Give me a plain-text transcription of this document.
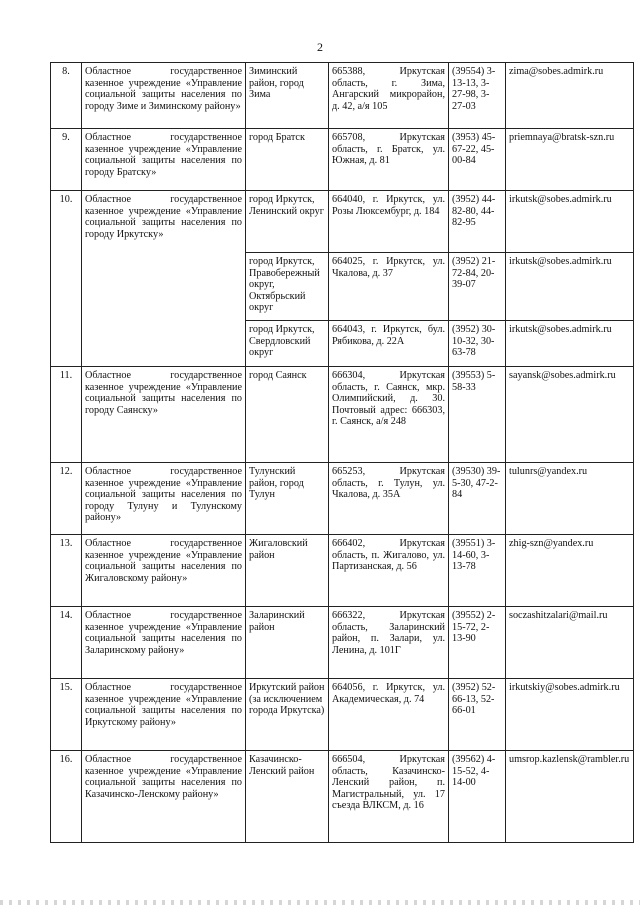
2
8.	Областное государственное казенное учреждение «Управление социальной защиты населения по городу Зиме и Зиминскому району»	Зиминский район, город Зима	665388, Иркутская область, г. Зима, Ангарский микрорайон, д. 42, а/я 105	(39554) 3-13-13, 3-27-98, 3-27-03	zima@sobes.admirk.ru
9.	Областное государственное казенное учреждение «Управление социальной защиты населения по городу Братску»	город Братск	665708, Иркутская область, г. Братск, ул. Южная, д. 81	(3953) 45-67-22, 45-00-84	priemnaya@bratsk-szn.ru
10.	Областное государственное казенное учреждение «Управление социальной защиты населения по городу Иркутску»	город Иркутск, Ленинский округ	664040, г. Иркутск, ул. Розы Люксембург, д. 184	(3952) 44-82-80, 44-82-95	irkutsk@sobes.admirk.ru
		город Иркутск, Правобережный округ, Октябрьский округ	664025, г. Иркутск, ул. Чкалова, д. 37	(3952) 21-72-84, 20-39-07	irkutsk@sobes.admirk.ru
		город Иркутск, Свердловский округ	664043, г. Иркутск, бул. Рябикова, д. 22А	(3952) 30-10-32, 30-63-78	irkutsk@sobes.admirk.ru
11.	Областное государственное казенное учреждение «Управление социальной защиты населения по городу Саянску»	город Саянск	666304, Иркутская область, г. Саянск, мкр. Олимпийский, д. 30. Почтовый адрес: 666303, г. Саянск, а/я 248	(39553) 5-58-33	sayansk@sobes.admirk.ru
12.	Областное государственное казенное учреждение «Управление социальной защиты населения по городу Тулуну и Тулунскому району»	Тулунский район, город Тулун	665253, Иркутская область, г. Тулун, ул. Чкалова, д. 35А	(39530) 39-5-30, 47-2-84	tulunrs@yandex.ru
13.	Областное государственное казенное учреждение «Управление социальной защиты населения по Жигаловскому району»	Жигаловский район	666402, Иркутская область, п. Жигалово, ул. Партизанская, д. 56	(39551) 3-14-60, 3-13-78	zhig-szn@yandex.ru
14.	Областное государственное казенное учреждение «Управление социальной защиты населения по Заларинскому району»	Заларинский район	666322, Иркутская область, Заларинский район, п. Залари, ул. Ленина, д. 101Г	(39552) 2-15-72, 2-13-90	soczashitzalari@mail.ru
15.	Областное государственное казенное учреждение «Управление социальной защиты населения по Иркутскому району»	Иркутский район (за исключением города Иркутска)	664056, г. Иркутск, ул. Академическая, д. 74	(3952) 52-66-13, 52-66-01	irkutskiy@sobes.admirk.ru
16.	Областное государственное казенное учреждение «Управление социальной защиты населения по Казачинско-Ленскому району»	Казачинско-Ленский район	666504, Иркутская область, Казачинско-Ленский район, п. Магистральный, ул. 17 съезда ВЛКСМ, д. 16	(39562) 4-15-52, 4-14-00	umsrop.kazlensk@rambler.ru
